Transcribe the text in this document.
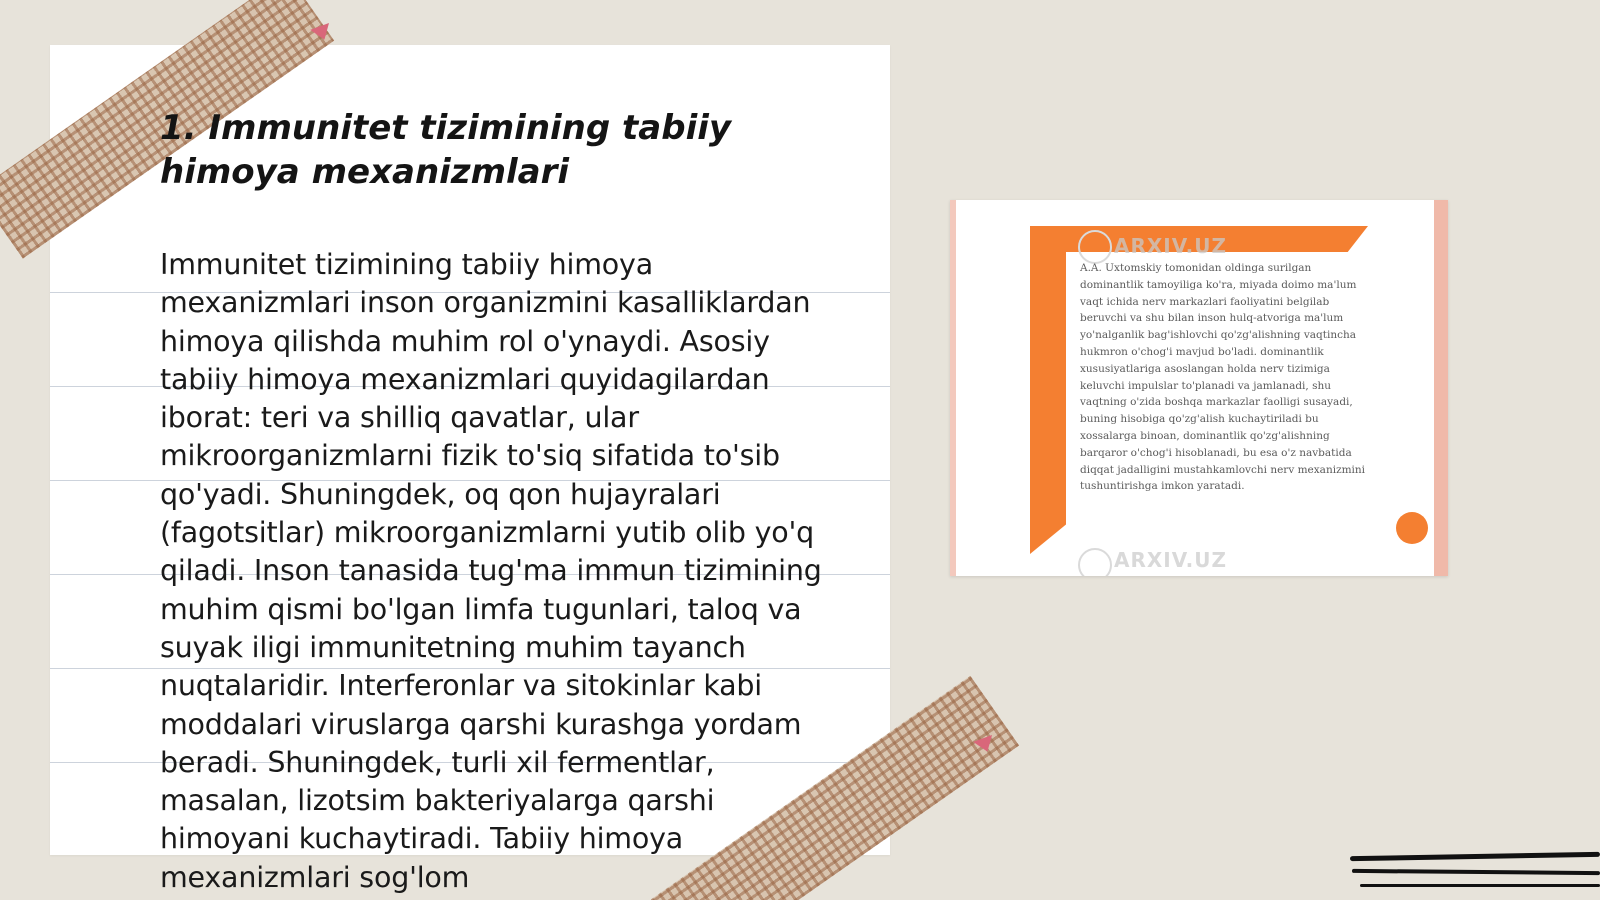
1. Immunitet tizimining tabiiy himoya mexanizmlari

Immunitet tizimining tabiiy himoya mexanizmlari inson organizmini kasalliklardan himoya qilishda muhim rol o'ynaydi. Asosiy tabiiy himoya mexanizmlari quyidagilardan iborat: teri va shilliq qavatlar, ular mikroorganizmlarni fizik to'siq sifatida to'sib qo'yadi. Shuningdek, oq qon hujayralari (fagotsitlar) mikroorganizmlarni yutib olib yo'q qiladi. Inson tanasida tug'ma immun tizimining muhim qismi bo'lgan limfa tugunlari, taloq va suyak iligi immunitetning muhim tayanch nuqtalaridir. Interferonlar va sitokinlar kabi moddalari viruslarga qarshi kurashga yordam beradi. Shuningdek, turli xil fermentlar, masalan, lizotsim bakteriyalarga qarshi himoyani kuchaytiradi. Tabiiy himoya mexanizmlari sog'lom

ARXIV.UZ

A.A. Uxtomskiy tomonidan oldinga surilgan dominantlik tamoyiliga ko'ra, miyada doimo ma'lum vaqt ichida nerv markazlari faoliyatini belgilab beruvchi va shu bilan inson hulq-atvoriga ma'lum yo'nalganlik bag'ishlovchi qo'zg'alishning vaqtincha hukmron o'chog'i mavjud bo'ladi. dominantlik xususiyatlariga asoslangan holda nerv tizimiga keluvchi impulslar to'planadi va jamlanadi, shu vaqtning o'zida boshqa markazlar faolligi susayadi, buning hisobiga qo'zg'alish kuchaytiriladi bu xossalarga binoan, dominantlik qo'zg'alishning barqaror o'chog'i hisoblanadi, bu esa o'z navbatida diqqat jadalligini mustahkamlovchi nerv mexanizmini tushuntirishga imkon yaratadi.

ARXIV.UZ
